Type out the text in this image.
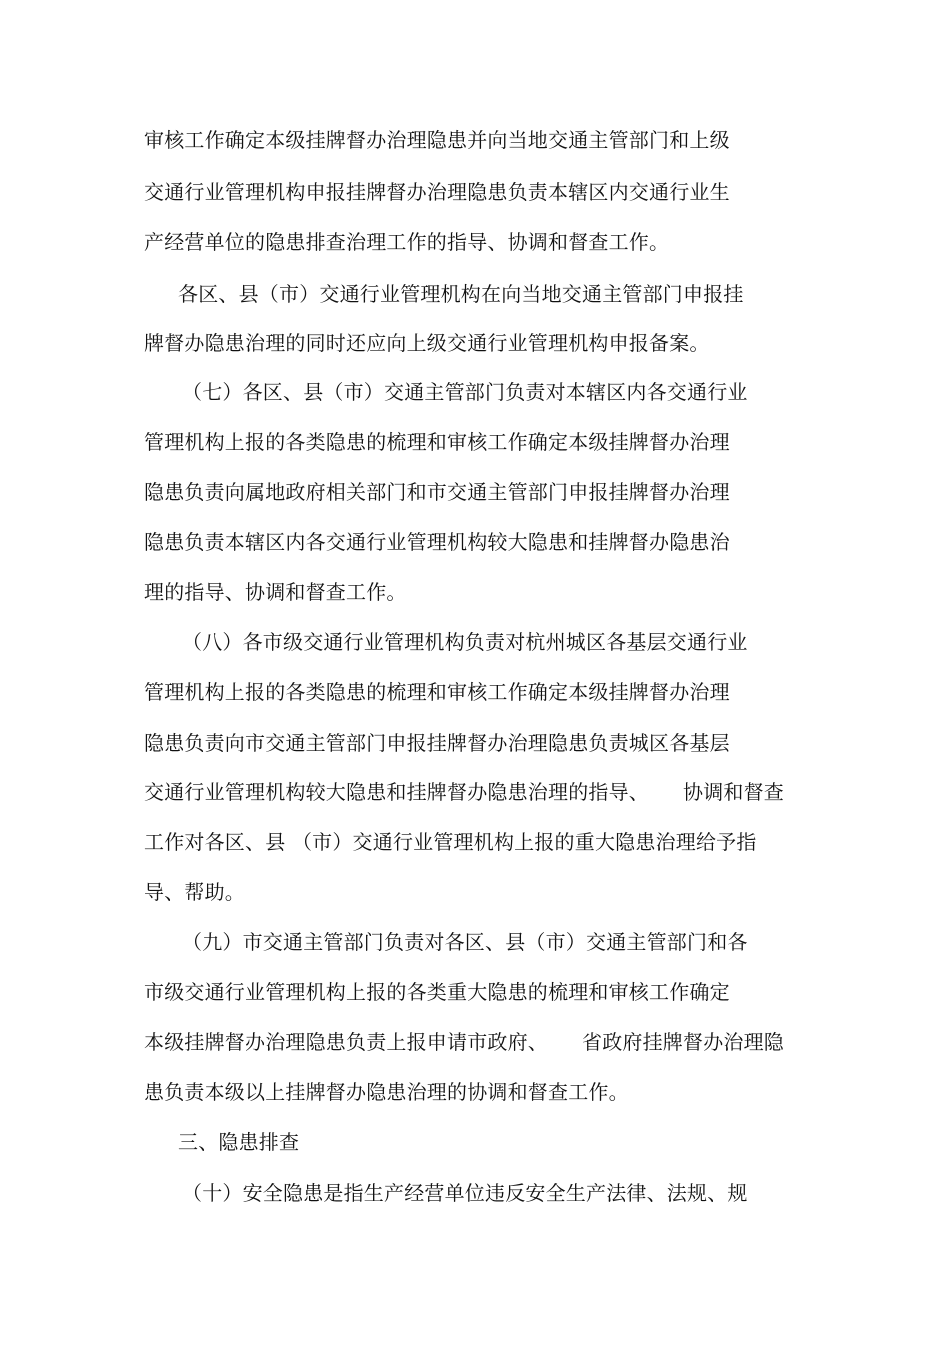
审核工作确定本级挂牌督办治理隐患并向当地交通主管部门和上级
交通行业管理机构申报挂牌督办治理隐患负责本辖区内交通行业生
产经营单位的隐患排查治理工作的指导、协调和督查工作。
各区、县（市）交通行业管理机构在向当地交通主管部门申报挂
牌督办隐患治理的同时还应向上级交通行业管理机构申报备案。
（七）各区、县（市）交通主管部门负责对本辖区内各交通行业
管理机构上报的各类隐患的梳理和审核工作确定本级挂牌督办治理
隐患负责向属地政府相关部门和市交通主管部门申报挂牌督办治理
隐患负责本辖区内各交通行业管理机构较大隐患和挂牌督办隐患治
理的指导、协调和督查工作。
（八）各市级交通行业管理机构负责对杭州城区各基层交通行业
管理机构上报的各类隐患的梳理和审核工作确定本级挂牌督办治理
隐患负责向市交通主管部门申报挂牌督办治理隐患负责城区各基层
交通行业管理机构较大隐患和挂牌督办隐患治理的指导、 协调和督查
工作对各区、县 （市）交通行业管理机构上报的重大隐患治理给予指
导、帮助。
（九）市交通主管部门负责对各区、县（市）交通主管部门和各
市级交通行业管理机构上报的各类重大隐患的梳理和审核工作确定
本级挂牌督办治理隐患负责上报申请市政府、 省政府挂牌督办治理隐
患负责本级以上挂牌督办隐患治理的协调和督查工作。
三、隐患排查
（十）安全隐患是指生产经营单位违反安全生产法律、法规、规
